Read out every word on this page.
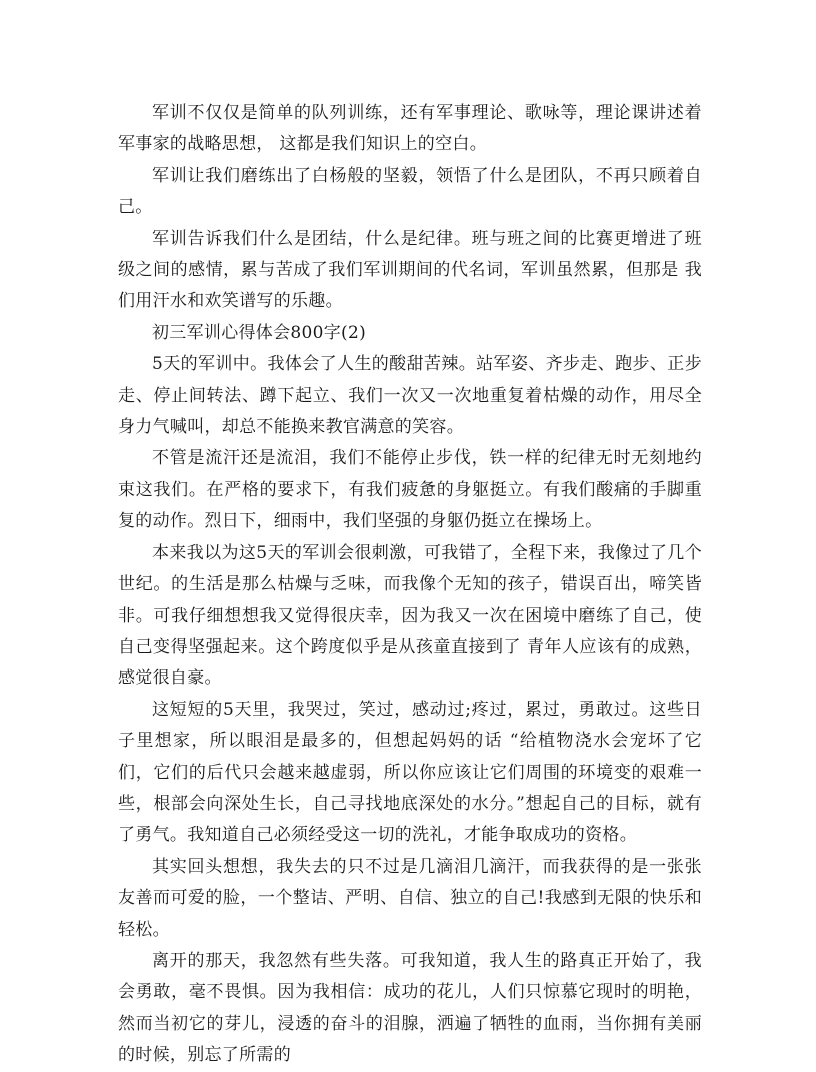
军训不仅仅是简单的队列训练，还有军事理论、歌咏等，理论课讲述着军事家的战略思想， 这都是我们知识上的空白。

军训让我们磨练出了白杨般的坚毅，领悟了什么是团队，不再只顾着自己。

军训告诉我们什么是团结，什么是纪律。班与班之间的比赛更增进了班级之间的感情，累与苦成了我们军训期间的代名词，军训虽然累，但那是 我们用汗水和欢笑谱写的乐趣。

初三军训心得体会800字(2)

5天的军训中。我体会了人生的酸甜苦辣。站军姿、齐步走、跑步、正步走、停止间转法、蹲下起立、我们一次又一次地重复着枯燥的动作，用尽全身力气喊叫，却总不能换来教官满意的笑容。

不管是流汗还是流泪，我们不能停止步伐，铁一样的纪律无时无刻地约束这我们。在严格的要求下，有我们疲惫的身躯挺立。有我们酸痛的手脚重复的动作。烈日下，细雨中，我们坚强的身躯仍挺立在操场上。

本来我以为这5天的军训会很刺激，可我错了，全程下来，我像过了几个世纪。的生活是那么枯燥与乏味，而我像个无知的孩子，错误百出，啼笑皆非。可我仔细想想我又觉得很庆幸，因为我又一次在困境中磨练了自己，使自己变得坚强起来。这个跨度似乎是从孩童直接到了 青年人应该有的成熟，感觉很自豪。

这短短的5天里，我哭过，笑过，感动过;疼过，累过，勇敢过。这些日子里想家，所以眼泪是最多的，但想起妈妈的话 “给植物浇水会宠坏了它们，它们的后代只会越来越虚弱，所以你应该让它们周围的环境变的艰难一些，根部会向深处生长，自己寻找地底深处的水分。”想起自己的目标，就有了勇气。我知道自己必须经受这一切的洗礼，才能争取成功的资格。

其实回头想想，我失去的只不过是几滴泪几滴汗，而我获得的是一张张友善而可爱的脸，一个整诘、严明、自信、独立的自己!我感到无限的快乐和轻松。

离开的那天，我忽然有些失落。可我知道，我人生的路真正开始了，我会勇敢，毫不畏惧。因为我相信：成功的花儿，人们只惊慕它现时的明艳，然而当初它的芽儿，浸透的奋斗的泪腺，洒遍了牺牲的血雨，当你拥有美丽的时候，别忘了所需的
